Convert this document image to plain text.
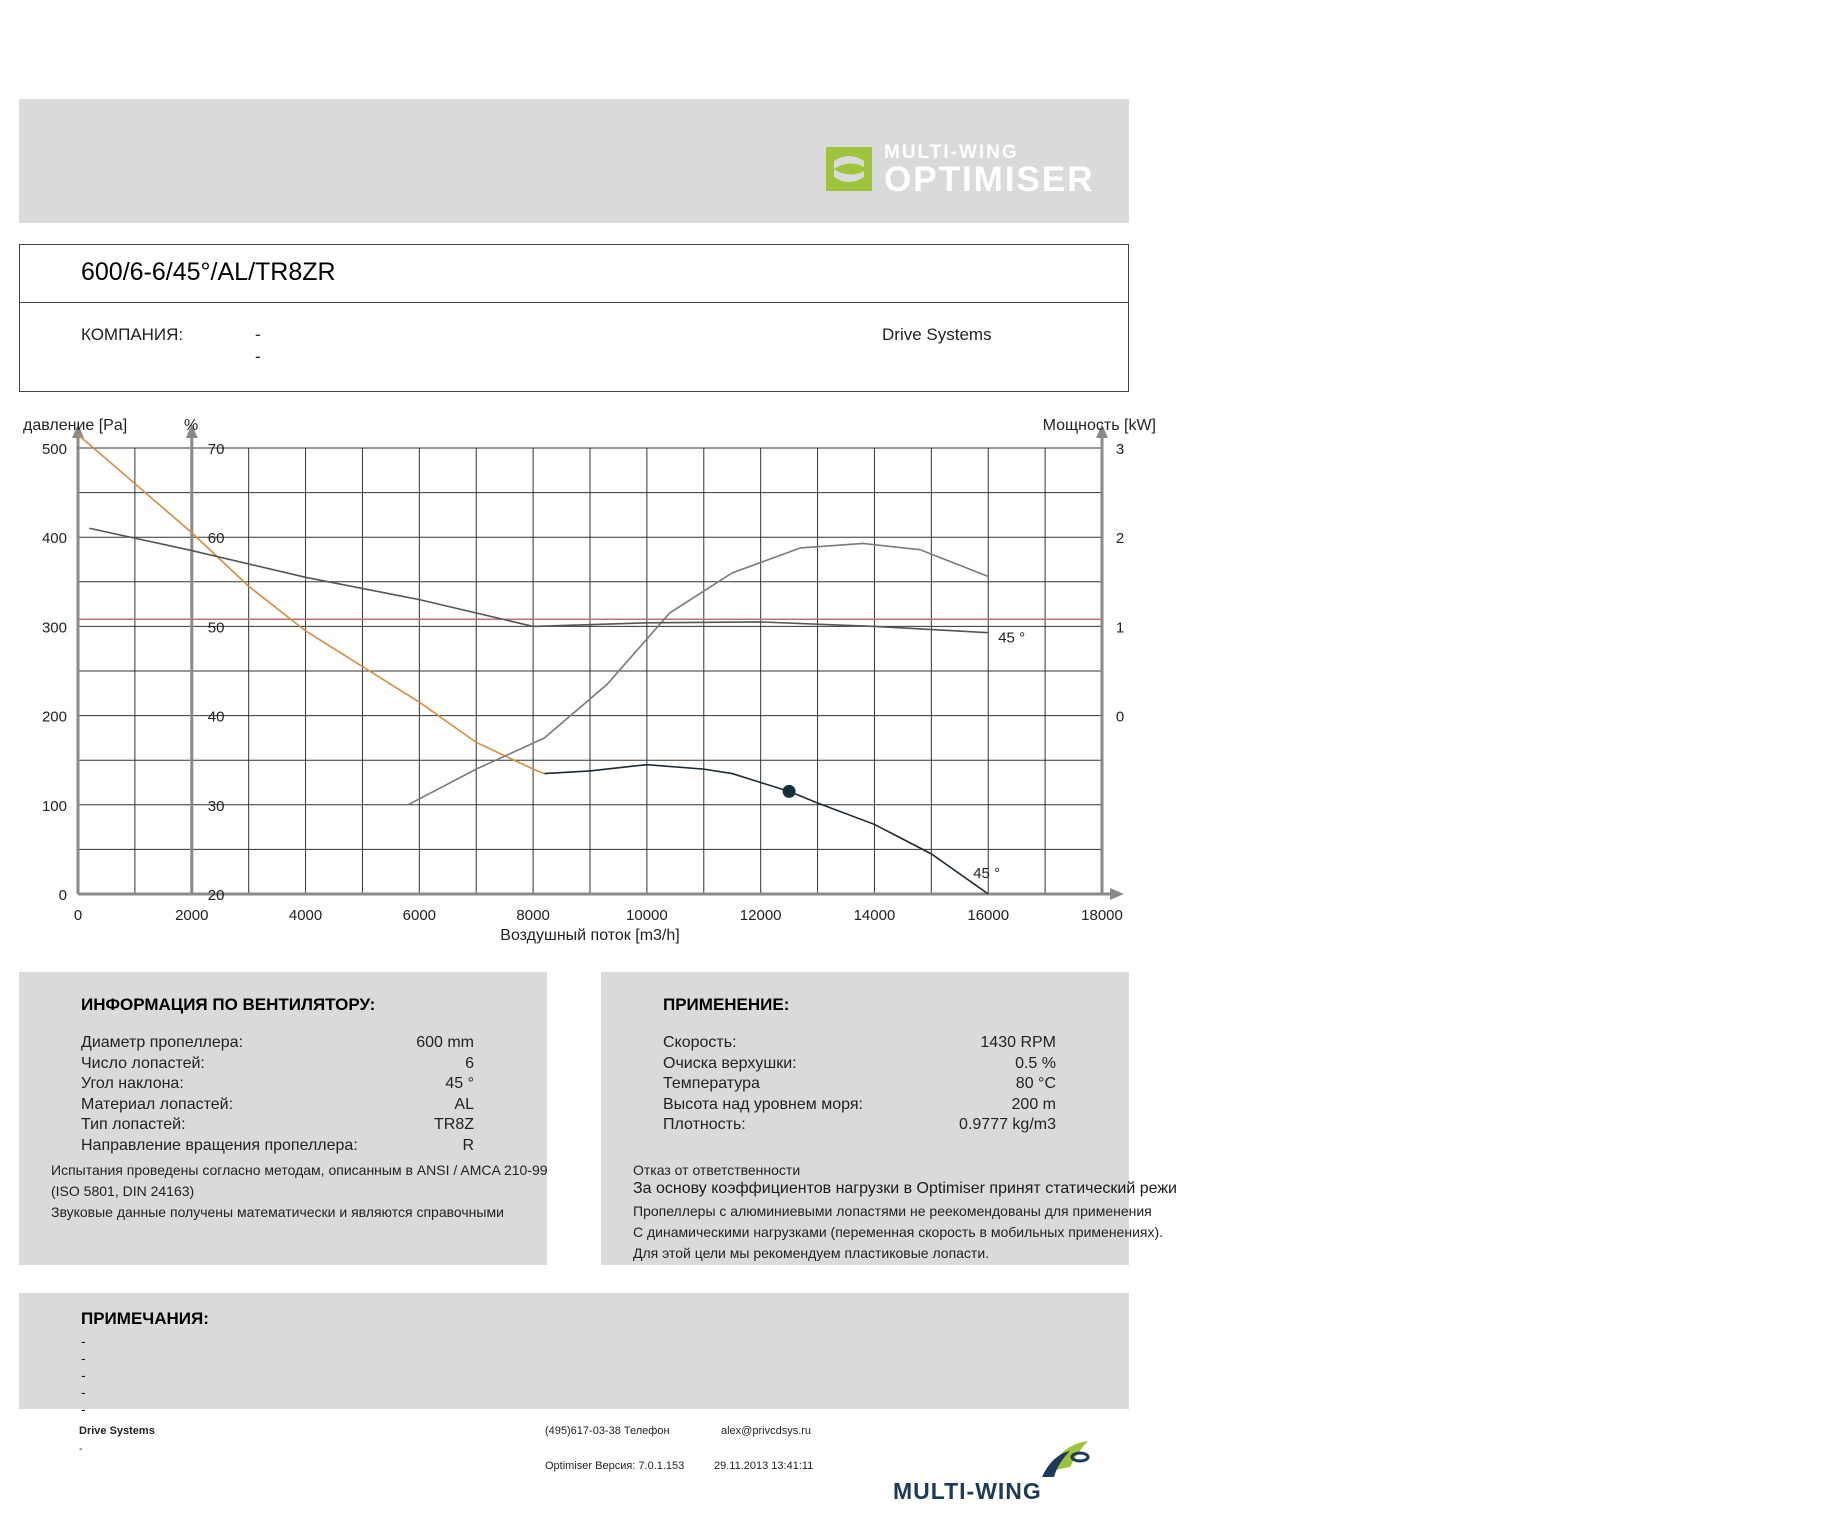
MULTI-WING
OPTIMISER
600/6-6/45°/AL/TR8ZR
КОМПАНИЯ:	-
-
Drive Systems
давление [Pa]	%	Мощность [kW]
Воздушный поток [m3/h]
500
400
300
200
100
0
70
60
50
40
30
20
3
2
1
0
0	2000	4000	6000	8000	10000	12000	14000	16000	18000
45 °
45 °
ИНФОРМАЦИЯ ПО ВЕНТИЛЯТОРУ:
Диаметр пропеллера:	600 mm
Число лопастей:	6
Угол наклона:	45 °
Материал лопастей:	AL
Тип лопастей:	TR8Z
Направление вращения пропеллера:	R
Испытания проведены согласно методам, описанным в ANSI / AMCA 210-99
(ISO 5801, DIN 24163)
Звуковые данные получены математически и являются справочными
ПРИМЕНЕНИЕ:
Скорость:	1430 RPM
Очиска верхушки:	0.5 %
Температура	80 °C
Высота над уровнем моря:	200 m
Плотность:	0.9777 kg/m3
Отказ от ответственности
За основу коэффициентов нагрузки в Optimiser принят статический режи
Пропеллеры с алюминиевыми лопастями не реекомендованы для применения
С динамическими нагрузками (переменная скорость в мобильных применениях).
Для этой цели мы рекомендуем пластиковые лопасти.
ПРИМЕЧАНИЯ:
-
-
-
-
-
Drive Systems
-
(495)617-03-38 Телефон	alex@privcdsys.ru
Optimiser Версия: 7.0.1.153	29.11.2013 13:41:11
MULTI-WING
